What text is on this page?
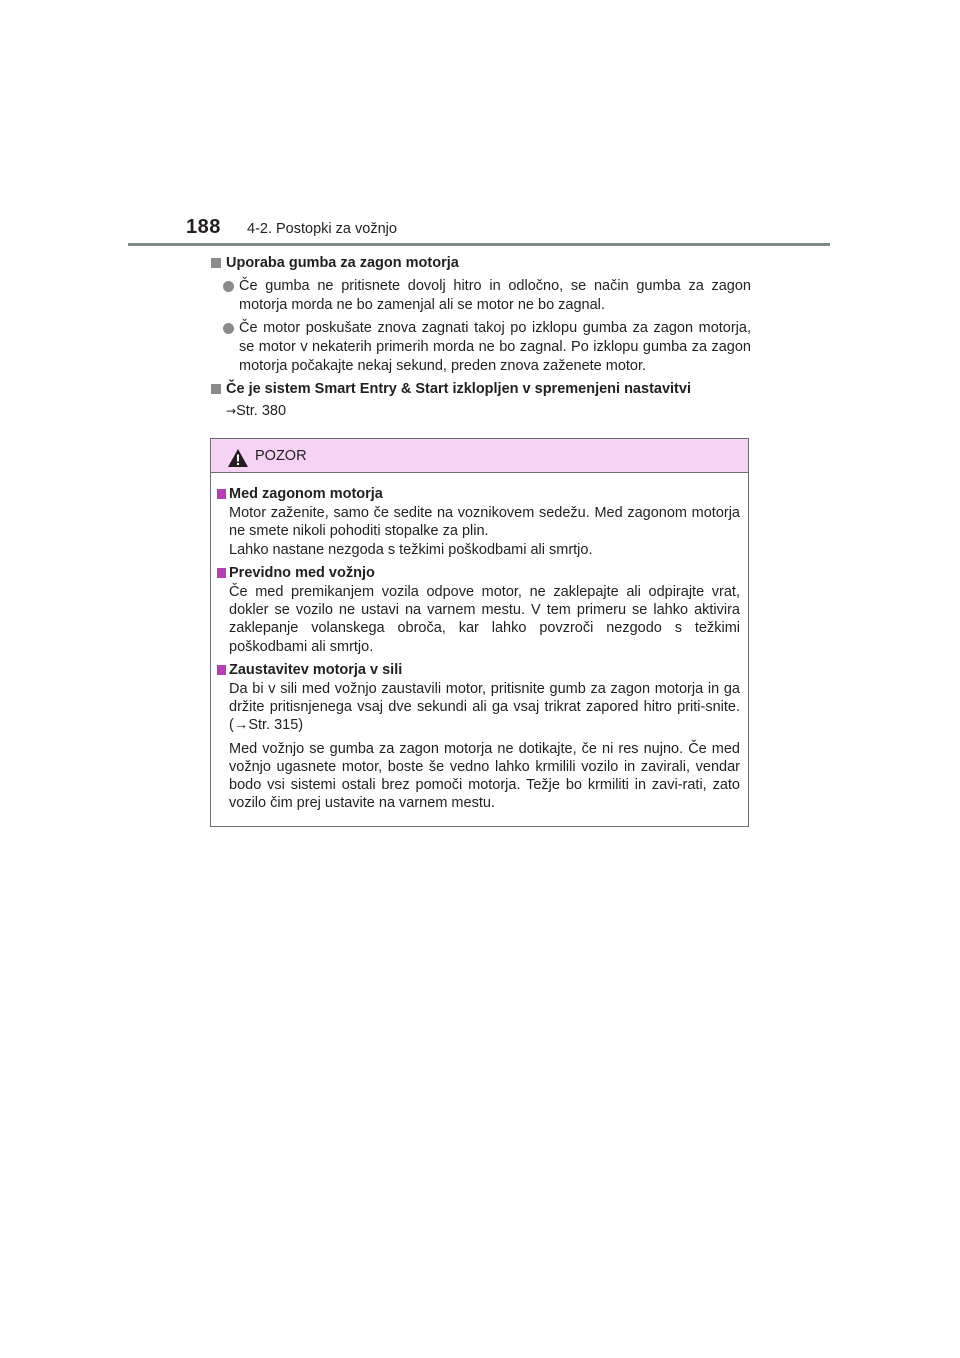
188 4-2. Postopki za vožnjo
Uporaba gumba za zagon motorja
Če gumba ne pritisnete dovolj hitro in odločno, se način gumba za zagon motorja morda ne bo zamenjal ali se motor ne bo zagnal.
Če motor poskušate znova zagnati takoj po izklopu gumba za zagon motorja, se motor v nekaterih primerih morda ne bo zagnal. Po izklopu gumba za zagon motorja počakajte nekaj sekund, preden znova zaženete motor.
Če je sistem Smart Entry & Start izklopljen v spremenjeni nastavitvi
→Str. 380
POZOR
Med zagonom motorja
Motor zaženite, samo če sedite na voznikovem sedežu. Med zagonom motorja ne smete nikoli pohoditi stopalke za plin.
Lahko nastane nezgoda s težkimi poškodbami ali smrtjo.
Previdno med vožnjo
Če med premikanjem vozila odpove motor, ne zaklepajte ali odpirajte vrat, dokler se vozilo ne ustavi na varnem mestu. V tem primeru se lahko aktivira zaklepanje volanskega obroča, kar lahko povzroči nezgodo s težkimi poškodbami ali smrtjo.
Zaustavitev motorja v sili
Da bi v sili med vožnjo zaustavili motor, pritisnite gumb za zagon motorja in ga držite pritisnjenega vsaj dve sekundi ali ga vsaj trikrat zapored hitro priti-snite. (→Str. 315)
Med vožnjo se gumba za zagon motorja ne dotikajte, če ni res nujno. Če med vožnjo ugasnete motor, boste še vedno lahko krmilili vozilo in zavirali, vendar bodo vsi sistemi ostali brez pomoči motorja. Težje bo krmiliti in zavi-rati, zato vozilo čim prej ustavite na varnem mestu.
